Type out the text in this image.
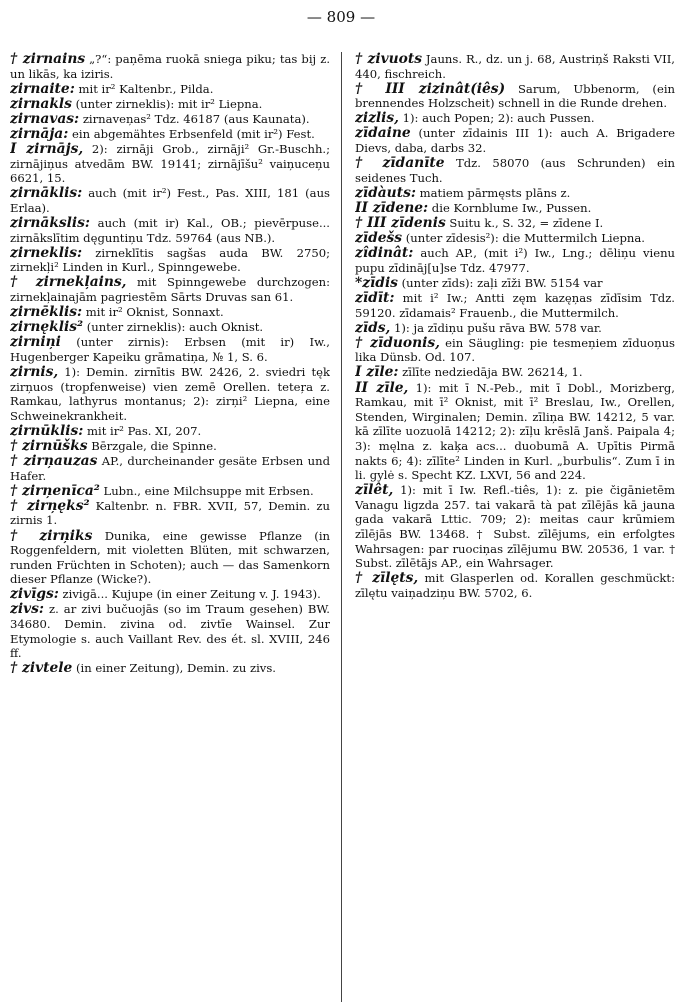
— 809 —

† zirnains „?“: paņēma ruokā sniega piku; tas bij z. un likās, ka iziris.

zirnaite: mit ir² Kaltenbr., Pilda.

zirnakls (unter zirneklis): mit ir² Liepna.

zirnavas: zirnaveņas² Tdz. 46187 (aus Kaunata).

zirnāja: ein abgemähtes Erbsenfeld (mit ir²) Fest.

I zirnājs, 2): zirnāji Grob., zirnāji² Gr.-Buschh.; zirnājiņus atvedām BW. 19141; zirnājīšu² vaiņuceņu 6621, 15.

zirnāklis: auch (mit ir²) Fest., Pas. XIII, 181 (aus Erlaa).

zirnākslis: auch (mit ir) Kal., OB.; pievērpuse... zirnākslītim dęguntiņu Tdz. 59764 (aus NB.).

zirneklis: zirneklītis sagšas auda BW. 2750; zirnekļi² Linden in Kurl., Spinngewebe.

† zirnekļains, mit Spinngewebe durchzogen: zirnekļainajām pagriestēm Sārts Druvas san 61.

zirnēklis: mit ir² Oknist, Sonnaxt.

zirnęklis² (unter zirneklis): auch Oknist.

zirniņi (unter zirnis): Erbsen (mit ir) Iw., Hugenberger Kapeiku grāmatiņa, № 1, S. 6.

zirnis, 1): Demin. zirnītis BW. 2426, 2. sviedri tęk zirņuos (tropfenweise) vien zemē Orellen. teteŗa z. Ramkau, lathyrus montanus; 2): zirņi² Liepna, eine Schweinekrankheit.

zirnūklis: mit ir² Pas. XI, 207.

† zirnūšks Bērzgale, die Spinne.

† zirņauzas AP., durcheinander gesäte Erbsen und Hafer.

† zirņenīca² Lubn., eine Milchsuppe mit Erbsen.

† zirņęks² Kaltenbr. n. FBR. XVII, 57, Demin. zu zirnis 1.

† zirņiks Dunika, eine gewisse Pflanze (in Roggenfeldern, mit violetten Blüten, mit schwarzen, runden Früchten in Schoten); auch — das Samenkorn dieser Pflanze (Wicke?).

zivīgs: zivigā... Kujupe (in einer Zeitung v. J. 1943).

zivs: z. ar zivi bučuojās (so im Traum gesehen) BW. 34680. Demin. zivina od. zivtīe Wainsel. Zur Etymologie s. auch Vaillant Rev. des ét. sl. XVIII, 246 ff.

† zivtele (in einer Zeitung), Demin. zu zivs.

† zivuots Jauns. R., dz. un j. 68, Austriņš Raksti VII, 440, fischreich.

† III zizinât(iês) Sarum, Ubbenorm, (ein brennendes Holzscheit) schnell in die Runde drehen.

zizlis, 1): auch Popen; 2): auch Pussen.

zīdaine (unter zīdainis III 1): auch A. Brigadere Dievs, daba, darbs 32.

† zīdanīte Tdz. 58070 (aus Schrunden) ein seidenes Tuch.

zīdàuts: matiem pārmęsts plāns z.

II zīdene: die Kornblume Iw., Pussen.

† III zīdenis Suitu k., S. 32, = zīdene I.

zīdešs (unter zīdesis²): die Muttermilch Liepna.

zîdinât: auch AP., (mit i²) Iw., Lng.; dēliņu vienu pupu zīdināj[u]se Tdz. 47977.

*zīdis (unter zīds): zaļi zīži BW. 5154 var

zīdīt: mit i² Iw.; Antti zęm kazęņas zīdīsim Tdz. 59120. zīdamais² Frauenb., die Muttermilch.

zīds, 1): ja zīdiņu pušu rāva BW. 578 var.

† zīduonis, ein Säugling: pie tesmeņiem zīduoņus lika Dünsb. Od. 107.

I zīle: zīlīte nedziedāja BW. 26214, 1.

II zīle, 1): mit ī N.-Peb., mit ī Dobl., Morizberg, Ramkau, mit ī² Oknist, mit ī² Breslau, Iw., Orellen, Stenden, Wirginalen; Demin. zīliņa BW. 14212, 5 var. kā zīlīte uozuolā 14212; 2): zīļu krēslā Janš. Paipala 4; 3): męlna z. kaķa acs... duobumā A. Upītis Pirmā nakts 6; 4): zīlīte² Linden in Kurl. „burbulis“. Zum ī in li. gylė s. Specht KZ. LXVI, 56 and 224.

zīlêt, 1): mit ī Iw. Refl.-tiês, 1): z. pie čigānietēm Vanagu ligzda 257. tai vakarā tà pat zīlējās kā jauna gada vakarā Lttic. 709; 2): meitas caur krūmiem zīlējās BW. 13468. † Subst. zīlējums, ein erfolgtes Wahrsagen: par ruociņas zīlējumu BW. 20536, 1 var. † Subst. zīlētājs AP., ein Wahrsager.

† zīlęts, mit Glasperlen od. Korallen geschmückt: zīlętu vaiņadziņu BW. 5702, 6.
